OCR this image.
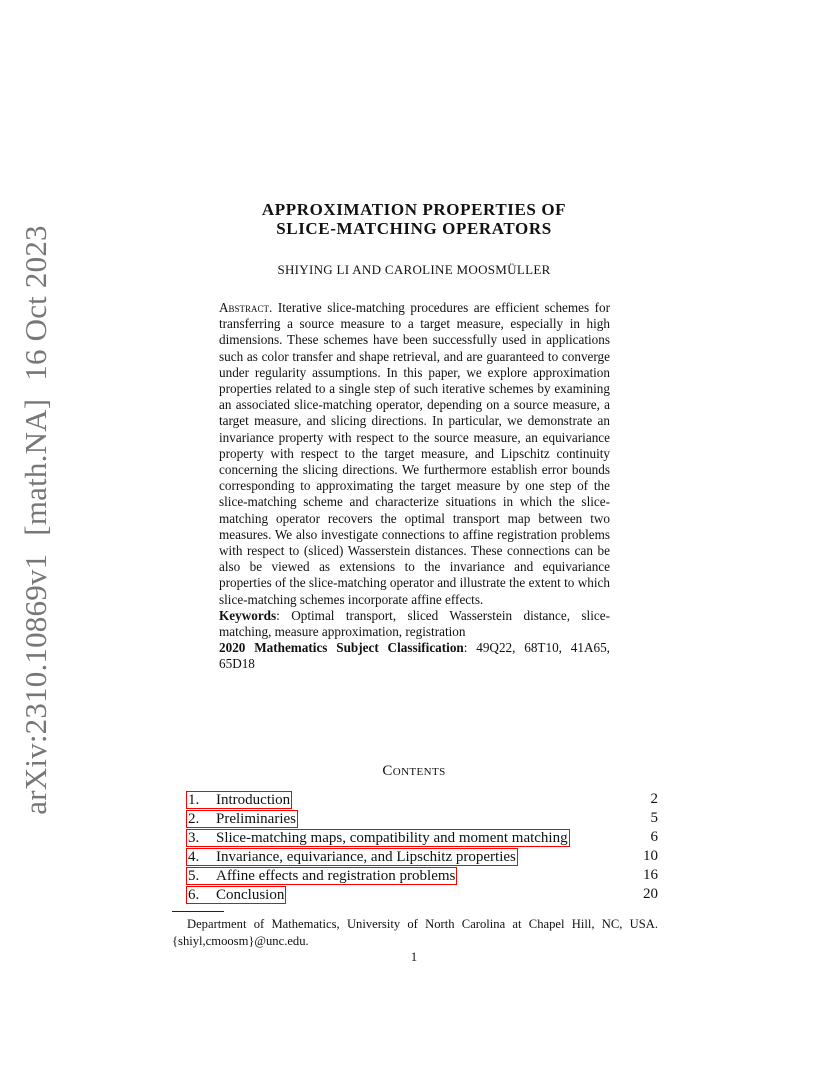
arXiv:2310.10869v1[math.NA]16 Oct 2023
APPROXIMATION PROPERTIES OF
SLICE-MATCHING OPERATORS
SHIYING LI AND CAROLINE MOOSMÜLLER

Abstract. Iterative slice-matching procedures are efficient schemes for transferring a source measure to a target measure, especially in high dimensions. These schemes have been successfully used in applications such as color transfer and shape retrieval, and are guaranteed to converge under regularity assumptions. In this paper, we explore approximation properties related to a single step of such iterative schemes by examining an associated slice-matching operator, depending on a source measure, a target measure, and slicing directions. In particular, we demonstrate an invariance property with respect to the source measure, an equivariance property with respect to the target measure, and Lipschitz continuity concerning the slicing directions. We furthermore establish error bounds corresponding to approximating the target measure by one step of the slice-matching scheme and characterize situations in which the slice-matching operator recovers the optimal transport map between two measures. We also investigate connections to affine registration problems with respect to (sliced) Wasserstein distances. These connections can be also be viewed as extensions to the invariance and equivariance properties of the slice-matching operator and illustrate the extent to which slice-matching schemes incorporate affine effects.

Keywords: Optimal transport, sliced Wasserstein distance, slice-matching, measure approximation, registration

2020 Mathematics Subject Classification: 49Q22, 68T10, 41A65, 65D18

Contents
1. Introduction	2
2. Preliminaries	5
3. Slice-matching maps, compatibility and moment matching	6
4. Invariance, equivariance, and Lipschitz properties	10
5. Affine effects and registration problems	16
6. Conclusion	20
Department of Mathematics, University of North Carolina at Chapel Hill, NC, USA. {shiyl,cmoosm}@unc.edu.
1
